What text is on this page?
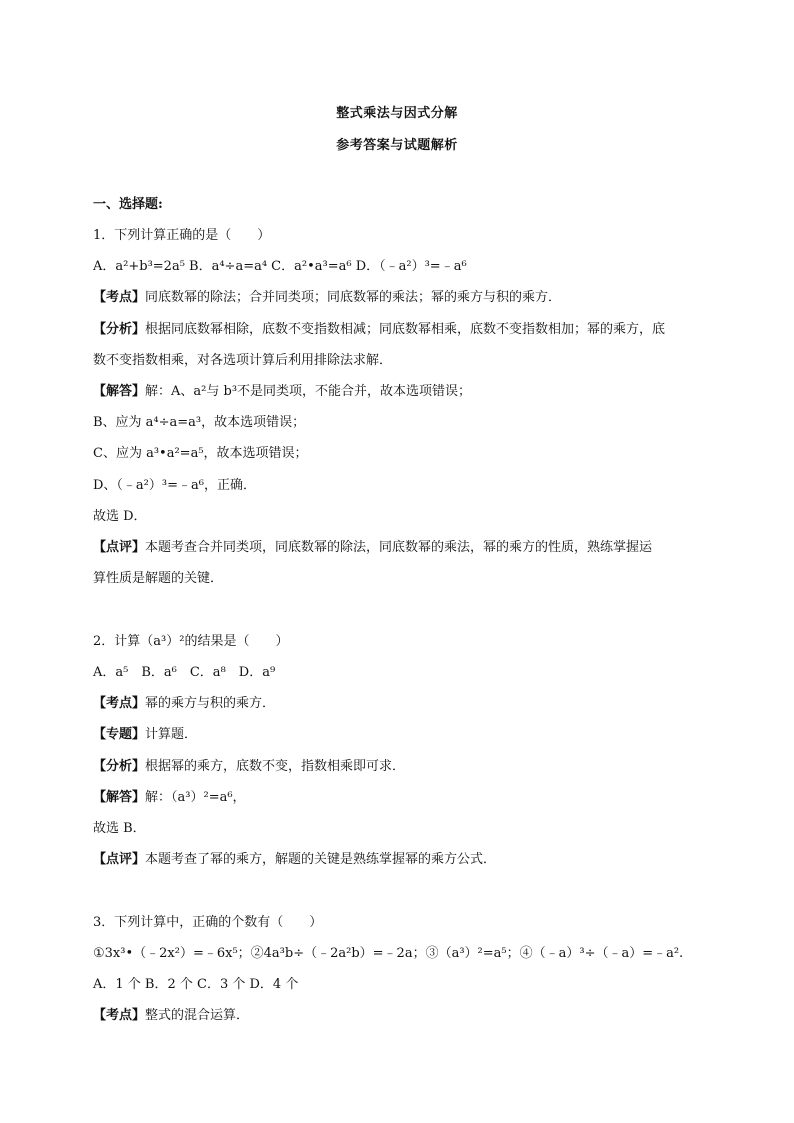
整式乘法与因式分解
参考答案与试题解析
一、选择题:
1．下列计算正确的是（　　）
A．a²+b³=2a⁵ B．a⁴÷a=a⁴ C．a²•a³=a⁶ D．（﹣a²）³=﹣a⁶
【考点】同底数幂的除法；合并同类项；同底数幂的乘法；幂的乘方与积的乘方．
【分析】根据同底数幂相除，底数不变指数相减；同底数幂相乘，底数不变指数相加；幂的乘方，底
数不变指数相乘，对各选项计算后利用排除法求解．
【解答】解：A、a²与 b³不是同类项，不能合并，故本选项错误；
B、应为 a⁴÷a=a³，故本选项错误；
C、应为 a³•a²=a⁵，故本选项错误；
D、（﹣a²）³=﹣a⁶，正确．
故选 D．
【点评】本题考查合并同类项，同底数幂的除法，同底数幂的乘法，幂的乘方的性质，熟练掌握运
算性质是解题的关键．
2．计算（a³）²的结果是（　　）
A．a⁵　B．a⁶　C．a⁸　D．a⁹
【考点】幂的乘方与积的乘方．
【专题】计算题．
【分析】根据幂的乘方，底数不变，指数相乘即可求．
【解答】解：（a³）²=a⁶，
故选 B．
【点评】本题考查了幂的乘方，解题的关键是熟练掌握幂的乘方公式．
3．下列计算中，正确的个数有（　　）
①3x³•（﹣2x²）=﹣6x⁵；②4a³b÷（﹣2a²b）=﹣2a；③（a³）²=a⁵；④（﹣a）³÷（﹣a）=﹣a².
A．1 个 B．2 个 C．3 个 D．4 个
【考点】整式的混合运算．
